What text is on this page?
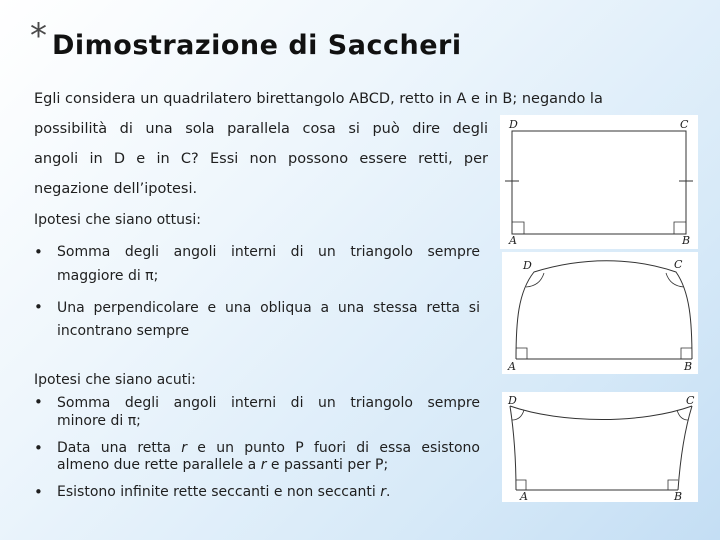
* Dimostrazione di Saccheri
Egli considera un quadrilatero birettangolo ABCD, retto in A e in B; negando la
possibilità di una sola parallela cosa si può dire degli
angoli in D e in C? Essi non possono essere retti, per
negazione dell’ipotesi.
Ipotesi che siano ottusi:
• Somma degli angoli interni di un triangolo sempre
maggiore di π;
• Una perpendicolare e una obliqua a una stessa retta si
incontrano sempre
Ipotesi che siano acuti:
• Somma degli angoli interni di un triangolo sempre
minore di π;
• Data una retta r e un punto P fuori di essa esistono
almeno due rette parallele a r e passanti per P;
• Esistono infinite rette seccanti e non seccanti r.
D	C
A	B
D	C
A	B
D	C
A	B
